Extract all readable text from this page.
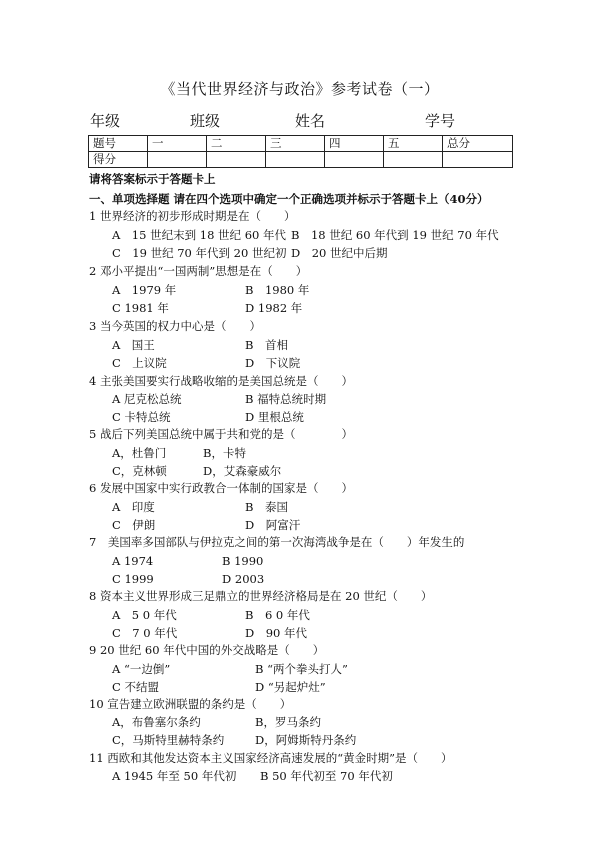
《当代世界经济与政治》参考试卷（一）
年级	班级	姓名	学号
题号	一	二	三	四	五	总分
得分						
请将答案标示于答题卡上
一、单项选择题 请在四个选项中确定一个正确选项并标示于答题卡上（40分）
1 世界经济的初步形成时期是在（　　）
A　15 世纪末到 18 世纪 60 年代 B　18 世纪 60 年代到 19 世纪 70 年代
C　19 世纪 70 年代到 20 世纪初 D　20 世纪中后期
2 邓小平提出“一国两制”思想是在（　　）
A　1979 年	B　1980 年
C 1981 年	D 1982 年
3 当今英国的权力中心是（　　）
A　国王	B　首相
C　上议院	D　下议院
4 主张美国要实行战略收缩的是美国总统是（　　）
A 尼克松总统	B 福特总统时期
C 卡特总统	D 里根总统
5 战后下列美国总统中属于共和党的是（　　　　）
A，杜鲁门	B，卡特
C，克林顿	D，艾森豪威尔
6 发展中国家中实行政教合一体制的国家是（　　）
A　印度	B　泰国
C　伊朗	D　阿富汗
7　美国率多国部队与伊拉克之间的第一次海湾战争是在（　　）年发生的
A 1974	B 1990
C 1999	D 2003
8 资本主义世界形成三足鼎立的世界经济格局是在 20 世纪（　　）
A　5 0 年代	B　6 0 年代
C　7 0 年代	D　90 年代
9 20 世纪 60 年代中国的外交战略是（　　）
A “一边倒”	B “两个拳头打人”
C 不结盟	D “另起炉灶”
10 宣告建立欧洲联盟的条约是（　　）
A，布鲁塞尔条约	B，罗马条约
C，马斯特里赫特条约	D，阿姆斯特丹条约
11 西欧和其他发达资本主义国家经济高速发展的“黄金时期”是（　　）
A 1945 年至 50 年代初 B 50 年代初至 70 年代初
